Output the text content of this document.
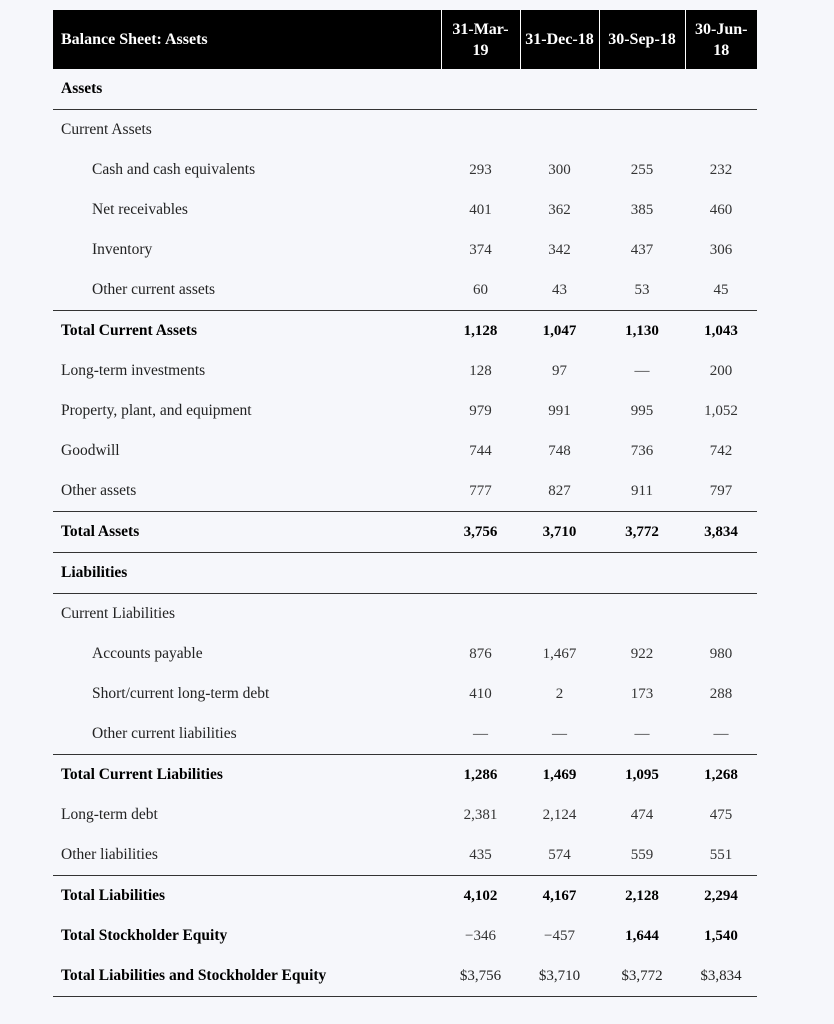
Balance Sheet: Assets	31-Mar-19	31-Dec-18	30-Sep-18	30-Jun-18
Assets				
Current Assets				
Cash and cash equivalents	293	300	255	232
Net receivables	401	362	385	460
Inventory	374	342	437	306
Other current assets	60	43	53	45
Total Current Assets	1,128	1,047	1,130	1,043
Long-term investments	128	97	—	200
Property, plant, and equipment	979	991	995	1,052
Goodwill	744	748	736	742
Other assets	777	827	911	797
Total Assets	3,756	3,710	3,772	3,834
Liabilities				
Current Liabilities				
Accounts payable	876	1,467	922	980
Short/current long-term debt	410	2	173	288
Other current liabilities	—	—	—	—
Total Current Liabilities	1,286	1,469	1,095	1,268
Long-term debt	2,381	2,124	474	475
Other liabilities	435	574	559	551
Total Liabilities	4,102	4,167	2,128	2,294
Total Stockholder Equity	−346	−457	1,644	1,540
Total Liabilities and Stockholder Equity	$3,756	$3,710	$3,772	$3,834
